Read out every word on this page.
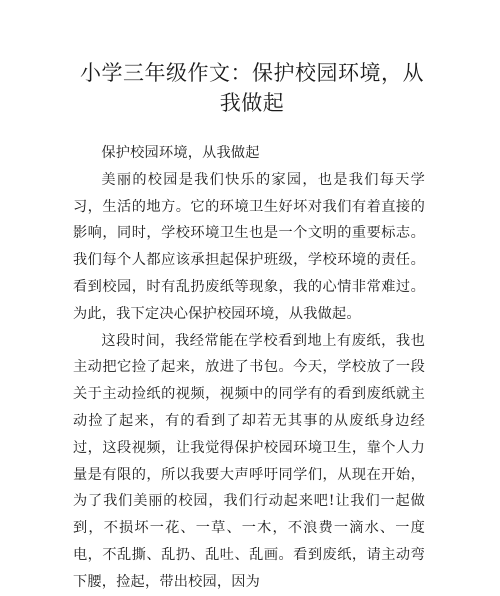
小学三年级作文：保护校园环境，从我做起

保护校园环境，从我做起

美丽的校园是我们快乐的家园，也是我们每天学习，生活的地方。它的环境卫生好坏对我们有着直接的影响，同时，学校环境卫生也是一个文明的重要标志。我们每个人都应该承担起保护班级，学校环境的责任。看到校园，时有乱扔废纸等现象，我的心情非常难过。为此，我下定决心保护校园环境，从我做起。

这段时间，我经常能在学校看到地上有废纸，我也主动把它捡了起来，放进了书包。今天，学校放了一段关于主动捡纸的视频，视频中的同学有的看到废纸就主动捡了起来，有的看到了却若无其事的从废纸身边经过，这段视频，让我觉得保护校园环境卫生，靠个人力量是有限的，所以我要大声呼吁同学们，从现在开始，为了我们美丽的校园，我们行动起来吧!让我们一起做到，不损坏一花、一草、一木，不浪费一滴水、一度电，不乱撕、乱扔、乱吐、乱画。看到废纸，请主动弯下腰，捡起，带出校园，因为
